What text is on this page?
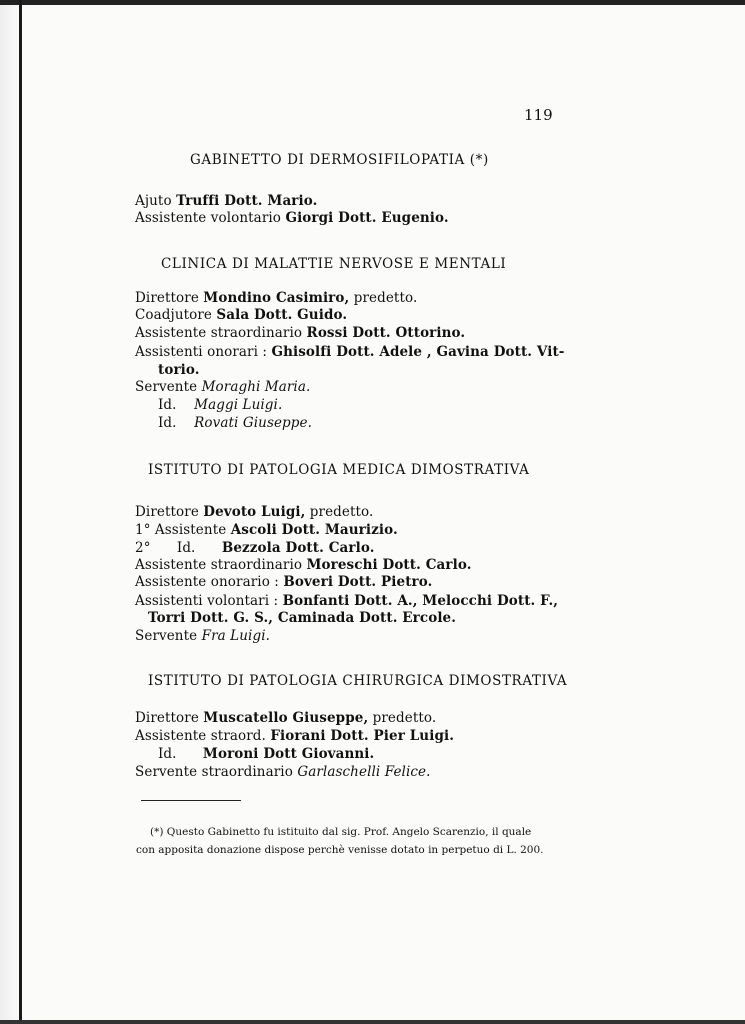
119
GABINETTO DI DERMOSIFILOPATIA (*)
Ajuto Truffi Dott. Mario.
Assistente volontario Giorgi Dott. Eugenio.
CLINICA DI MALATTIE NERVOSE E MENTALI
Direttore Mondino Casimiro, predetto.
Coadjutore Sala Dott. Guido.
Assistente straordinario Rossi Dott. Ottorino.
Assistenti onorari : Ghisolfi Dott. Adele , Gavina Dott. Vit-
torio.
Servente Moraghi Maria.
Id.    Maggi Luigi.
Id.    Rovati Giuseppe.
ISTITUTO DI PATOLOGIA MEDICA DIMOSTRATIVA
Direttore Devoto Luigi, predetto.
1° Assistente Ascoli Dott. Maurizio.
2°      Id.      Bezzola Dott. Carlo.
Assistente straordinario Moreschi Dott. Carlo.
Assistente onorario : Boveri Dott. Pietro.
Assistenti volontari : Bonfanti Dott. A., Melocchi Dott. F.,
Torri Dott. G. S., Caminada Dott. Ercole.
Servente Fra Luigi.
ISTITUTO DI PATOLOGIA CHIRURGICA DIMOSTRATIVA
Direttore Muscatello Giuseppe, predetto.
Assistente straord. Fiorani Dott. Pier Luigi.
Id.      Moroni Dott Giovanni.
Servente straordinario Garlaschelli Felice.
(*) Questo Gabinetto fu istituito dal sig. Prof. Angelo Scarenzio, il quale
con apposita donazione dispose perchè venisse dotato in perpetuo di L. 200.
